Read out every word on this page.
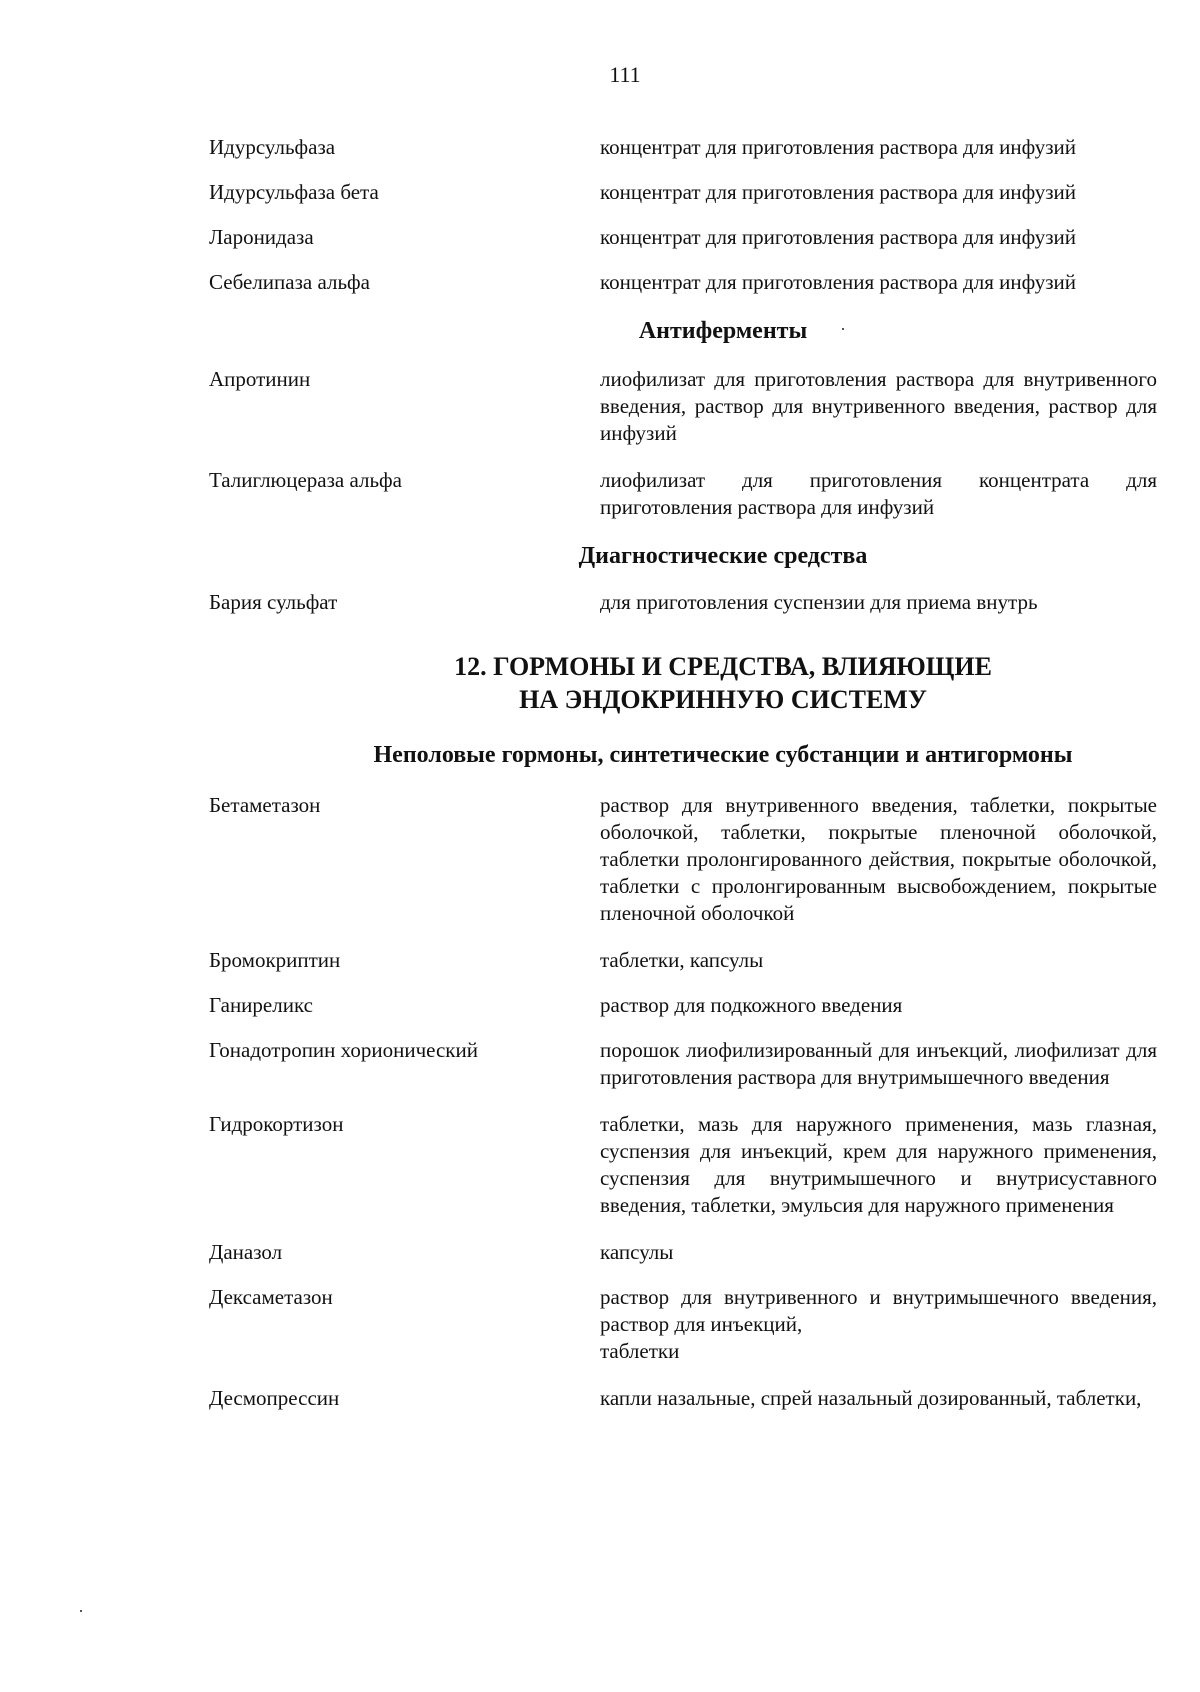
111
Идурсульфаза	концентрат для приготовления раствора для инфузий
Идурсульфаза бета	концентрат для приготовления раствора для инфузий
Ларонидаза	концентрат для приготовления раствора для инфузий
Себелипаза альфа	концентрат для приготовления раствора для инфузий
Антиферменты
Апротинин	лиофилизат для приготовления раствора для внутривенного введения, раствор для внутривенного введения, раствор для инфузий
Талиглюцераза альфа	лиофилизат для приготовления концентрата для приготовления раствора для инфузий
Диагностические средства
Бария сульфат	для приготовления суспензии для приема внутрь
12. ГОРМОНЫ И СРЕДСТВА, ВЛИЯЮЩИЕ
НА ЭНДОКРИННУЮ СИСТЕМУ
Неполовые гормоны, синтетические субстанции и антигормоны
Бетаметазон	раствор для внутривенного введения, таблетки, покрытые оболочкой, таблетки, покрытые пленочной оболочкой, таблетки пролонгированного действия, покрытые оболочкой, таблетки с пролонгированным высвобождением, покрытые пленочной оболочкой
Бромокриптин	таблетки, капсулы
Ганиреликс	раствор для подкожного введения
Гонадотропин хорионический	порошок лиофилизированный для инъекций, лиофилизат для приготовления раствора для внутримышечного введения
Гидрокортизон	таблетки, мазь для наружного применения, мазь глазная, суспензия для инъекций, крем для наружного применения, суспензия для внутримышечного и внутрисуставного введения, таблетки, эмульсия для наружного применения
Даназол	капсулы
Дексаметазон	раствор для внутривенного и внутримышечного введения,
раствор для инъекций,
таблетки
Десмопрессин	капли назальные, спрей назальный дозированный, таблетки,
